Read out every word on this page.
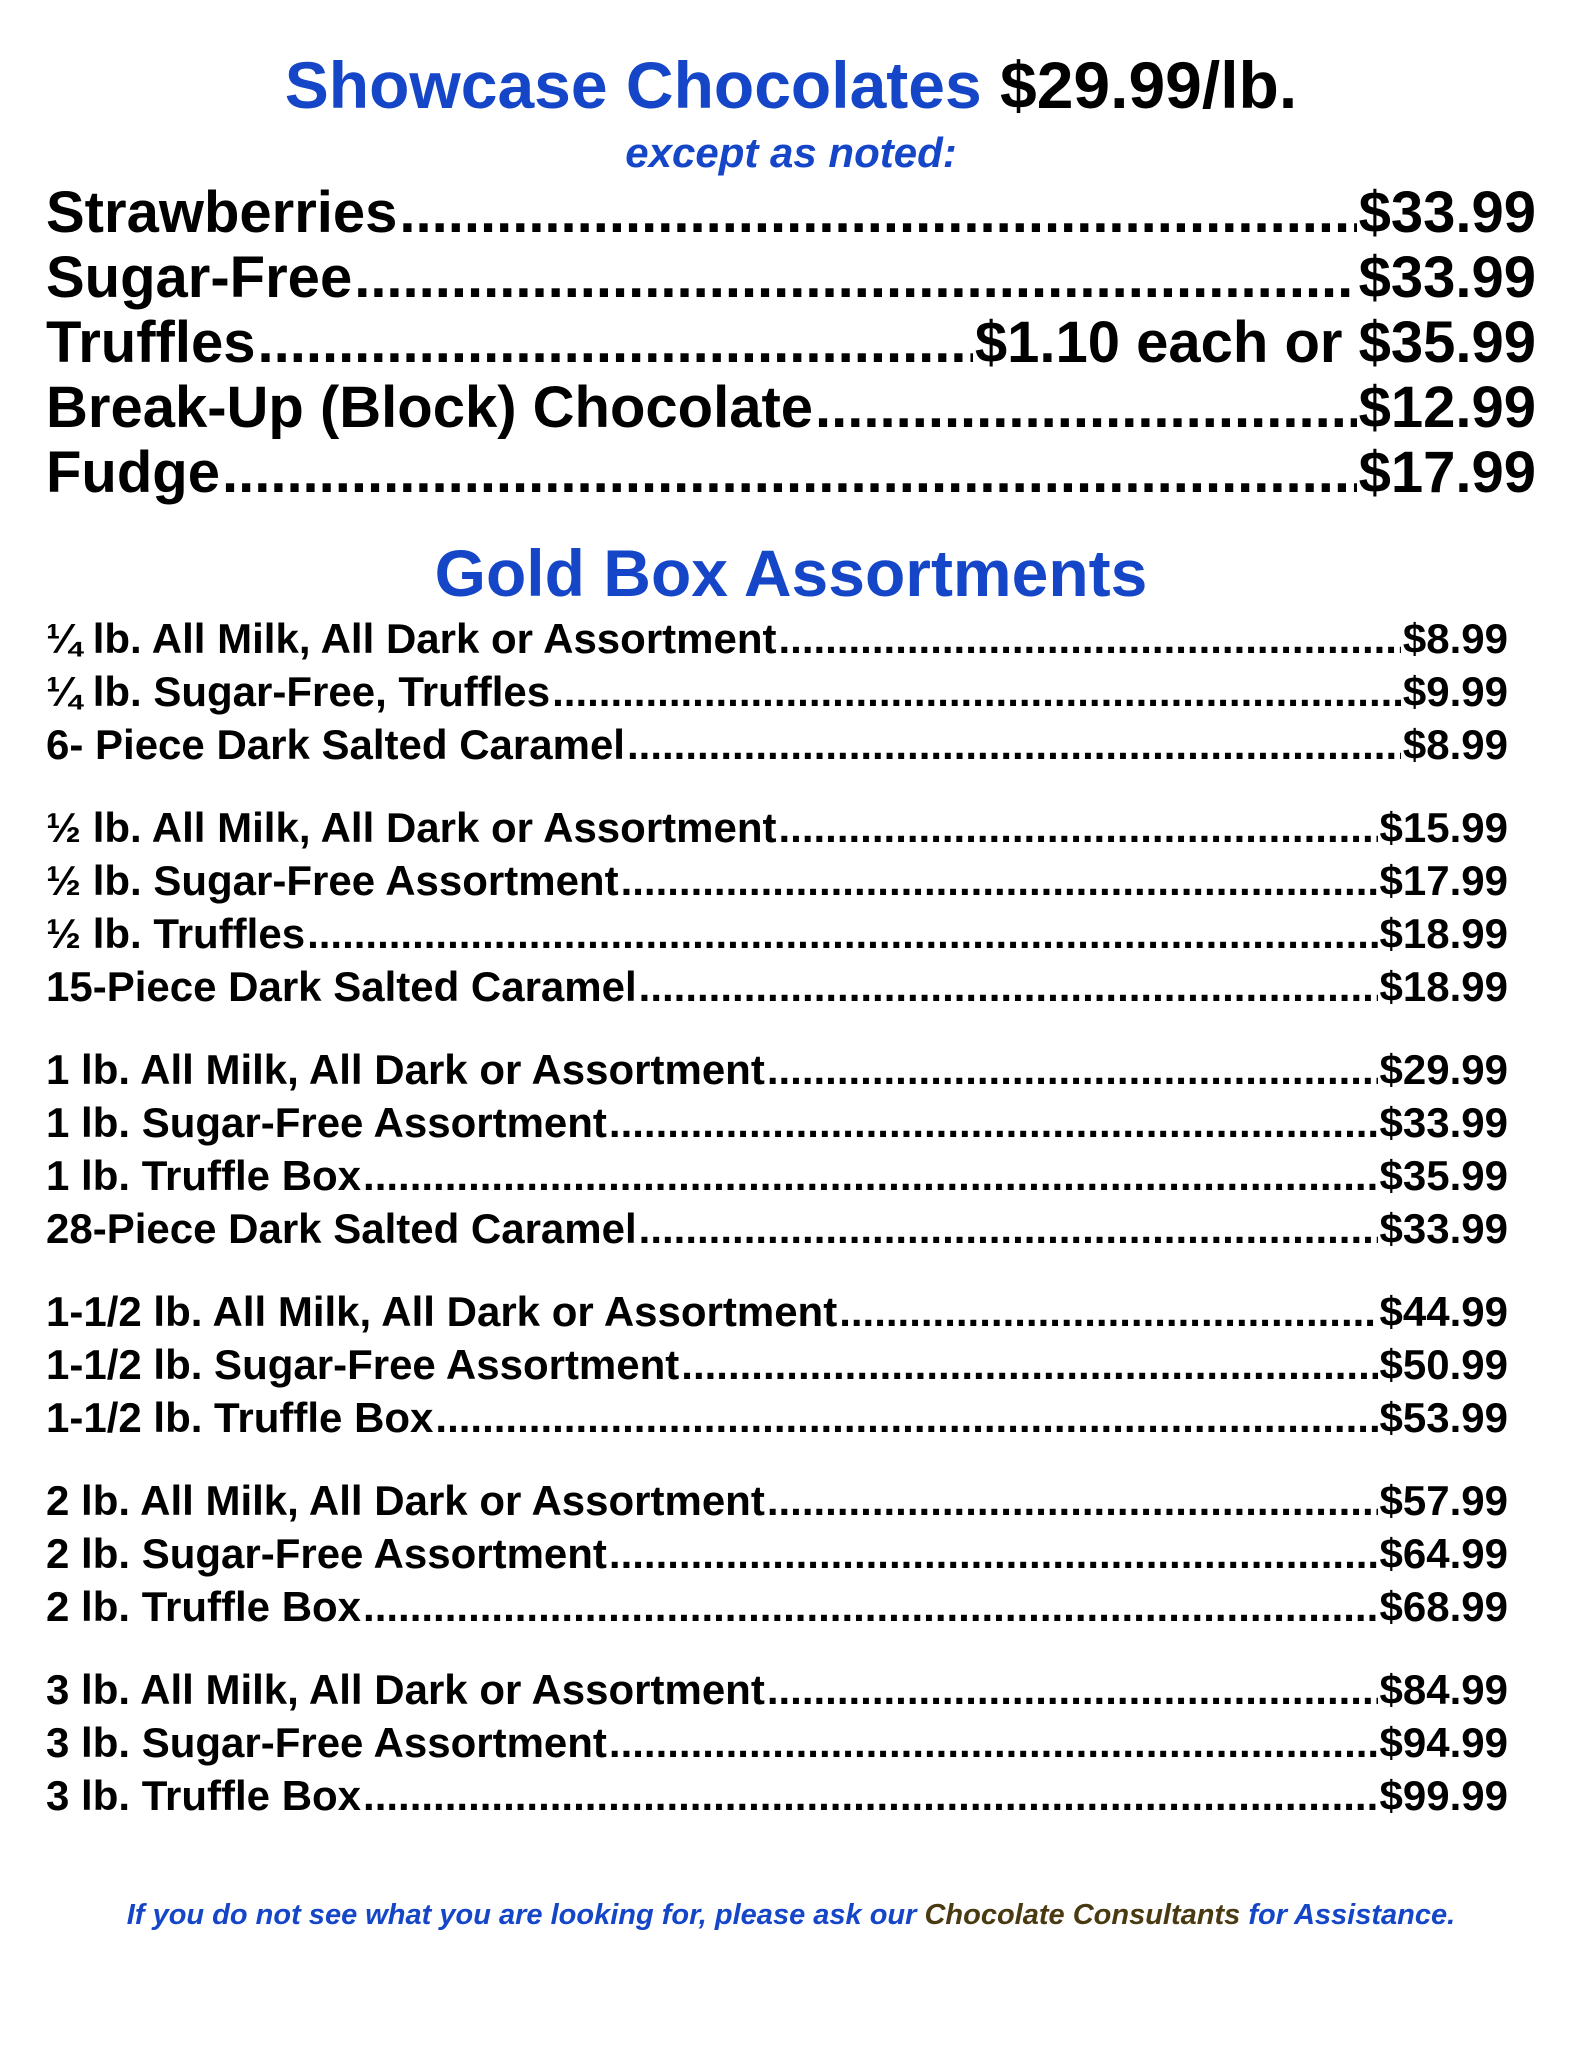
Showcase Chocolates $29.99/lb.
except as noted:
Strawberries .....	$33.99
Sugar-Free .....	$33.99
Truffles .....	$1.10 each or $35.99
Break-Up (Block) Chocolate .....	$12.99
Fudge .....	$17.99
Gold Box Assortments
¼ lb. All Milk, All Dark or Assortment .....	$8.99
¼ lb. Sugar-Free, Truffles .....	$9.99
6- Piece Dark Salted Caramel .....	$8.99
½ lb. All Milk, All Dark or Assortment .....	$15.99
½ lb. Sugar-Free Assortment .....	$17.99
½ lb. Truffles .....	$18.99
15-Piece Dark Salted Caramel .....	$18.99
1 lb. All Milk, All Dark or Assortment .....	$29.99
1 lb. Sugar-Free Assortment .....	$33.99
1 lb. Truffle Box .....	$35.99
28-Piece Dark Salted Caramel .....	$33.99
1-1/2 lb. All Milk, All Dark or Assortment .....	$44.99
1-1/2 lb. Sugar-Free Assortment .....	$50.99
1-1/2 lb. Truffle Box .....	$53.99
2 lb. All Milk, All Dark or Assortment .....	$57.99
2 lb. Sugar-Free Assortment .....	$64.99
2 lb. Truffle Box .....	$68.99
3 lb. All Milk, All Dark or Assortment .....	$84.99
3 lb. Sugar-Free Assortment .....	$94.99
3 lb. Truffle Box .....	$99.99
If you do not see what you are looking for, please ask our Chocolate Consultants for Assistance.
